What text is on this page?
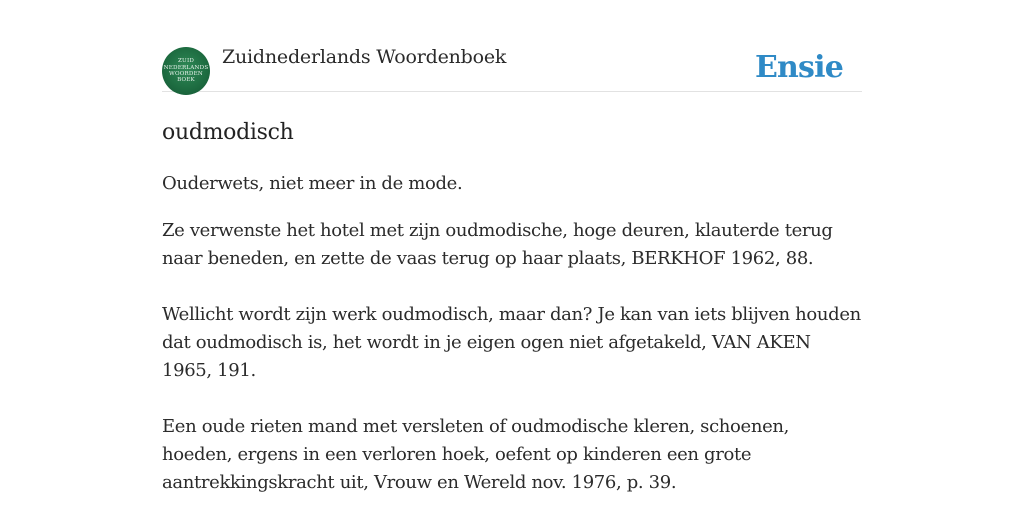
ZUID
NEDERLANDS
WOORDEN
BOEK
Zuidnederlands Woordenboek	Ensie
oudmodisch

Ouderwets, niet meer in de mode.

Ze verwenste het hotel met zijn oudmodische, hoge deuren, klauterde terug naar beneden, en zette de vaas terug op haar plaats, BERKHOF 1962, 88.

Wellicht wordt zijn werk oudmodisch, maar dan? Je kan van iets blijven houden dat oudmodisch is, het wordt in je eigen ogen niet afgetakeld, VAN AKEN 1965, 191.

Een oude rieten mand met versleten of oudmodische kleren, schoenen, hoeden, ergens in een verloren hoek, oefent op kinderen een grote aantrekkingskracht uit, Vrouw en Wereld nov. 1976, p. 39.
